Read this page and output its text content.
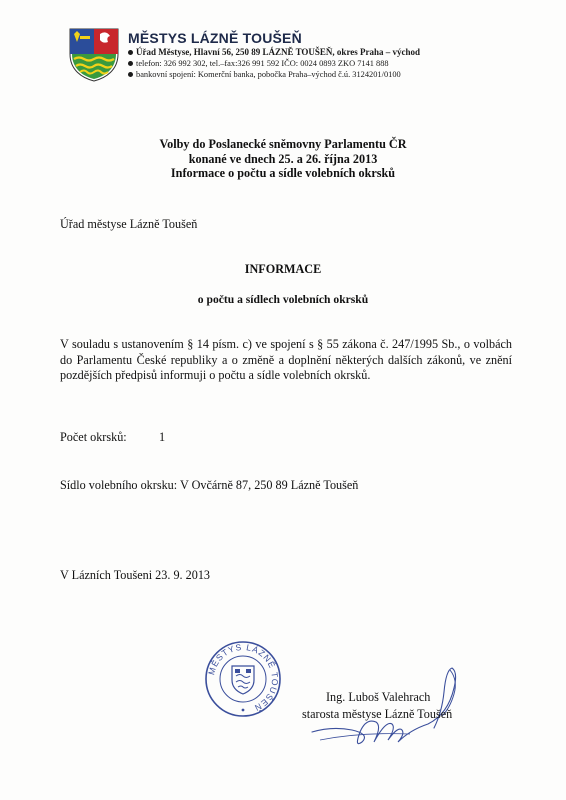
MĚSTYS LÁZNĚ TOUŠEŇ
Úřad Městyse, Hlavní 56, 250 89 LÁZNĚ TOUŠEŇ, okres Praha – východ
telefon: 326 992 302, tel.–fax:326 991 592 IČO: 0024 0893 ZKO 7141 888
bankovní spojení: Komerční banka, pobočka Praha–východ č.ú. 3124201/0100
Volby do Poslanecké sněmovny Parlamentu ČR
konané ve dnech 25. a 26. října 2013
Informace o počtu a sídle volebních okrsků
Úřad městyse Lázně Toušeň
INFORMACE
o počtu a sídlech volebních okrsků
V souladu s ustanovením § 14 písm. c) ve spojení s § 55 zákona č. 247/1995 Sb., o volbách do Parlamentu České republiky a o změně a doplnění některých dalších zákonů, ve znění pozdějších předpisů informuji o počtu a sídle volebních okrsků.
Počet okrsků:	1
Sídlo volebního okrsku: V Ovčárně 87, 250 89 Lázně Toušeň
V Lázních Toušeni 23. 9. 2013
MĚSTYS LÁZNĚ TOUŠEŇ
Ing. Luboš Valehrach
starosta městyse Lázně Toušeň
